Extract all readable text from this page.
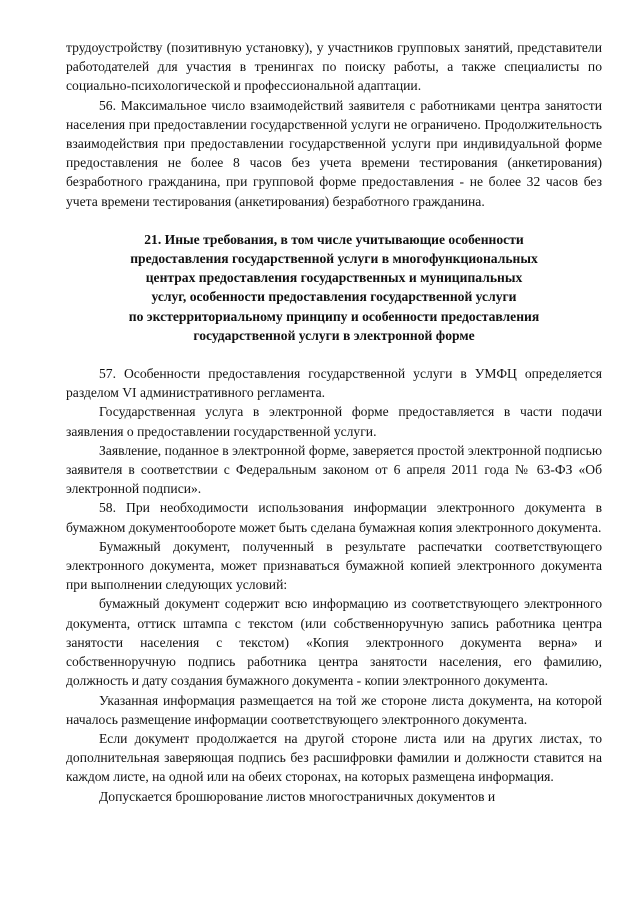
трудоустройству (позитивную установку), у участников групповых занятий, представители работодателей для участия в тренингах по поиску работы, а также специалисты по социально-психологической и профессиональной адаптации.

56. Максимальное число взаимодействий заявителя с работниками центра занятости населения при предоставлении государственной услуги не ограничено. Продолжительность взаимодействия при предоставлении государственной услуги при индивидуальной форме предоставления не более 8 часов без учета времени тестирования (анкетирования) безработного гражданина, при групповой форме предоставления - не более 32 часов без учета времени тестирования (анкетирования) безработного гражданина.

21. Иные требования, в том числе учитывающие особенности
предоставления государственной услуги в многофункциональных
центрах предоставления государственных и муниципальных
услуг, особенности предоставления государственной услуги
по экстерриториальному принципу и особенности предоставления
государственной услуги в электронной форме

57. Особенности предоставления государственной услуги в УМФЦ определяется разделом VI административного регламента.

Государственная услуга в электронной форме предоставляется в части подачи заявления о предоставлении государственной услуги.

Заявление, поданное в электронной форме, заверяется простой электронной подписью заявителя в соответствии с Федеральным законом от 6 апреля 2011 года № 63-ФЗ «Об электронной подписи».

58. При необходимости использования информации электронного документа в бумажном документообороте может быть сделана бумажная копия электронного документа.

Бумажный документ, полученный в результате распечатки соответствующего электронного документа, может признаваться бумажной копией электронного документа при выполнении следующих условий:

бумажный документ содержит всю информацию из соответствующего электронного документа, оттиск штампа с текстом (или собственноручную запись работника центра занятости населения с текстом) «Копия электронного документа верна» и собственноручную подпись работника центра занятости населения, его фамилию, должность и дату создания бумажного документа - копии электронного документа.

Указанная информация размещается на той же стороне листа документа, на которой началось размещение информации соответствующего электронного документа.

Если документ продолжается на другой стороне листа или на других листах, то дополнительная заверяющая подпись без расшифровки фамилии и должности ставится на каждом листе, на одной или на обеих сторонах, на которых размещена информация.

Допускается брошюрование листов многостраничных документов и
